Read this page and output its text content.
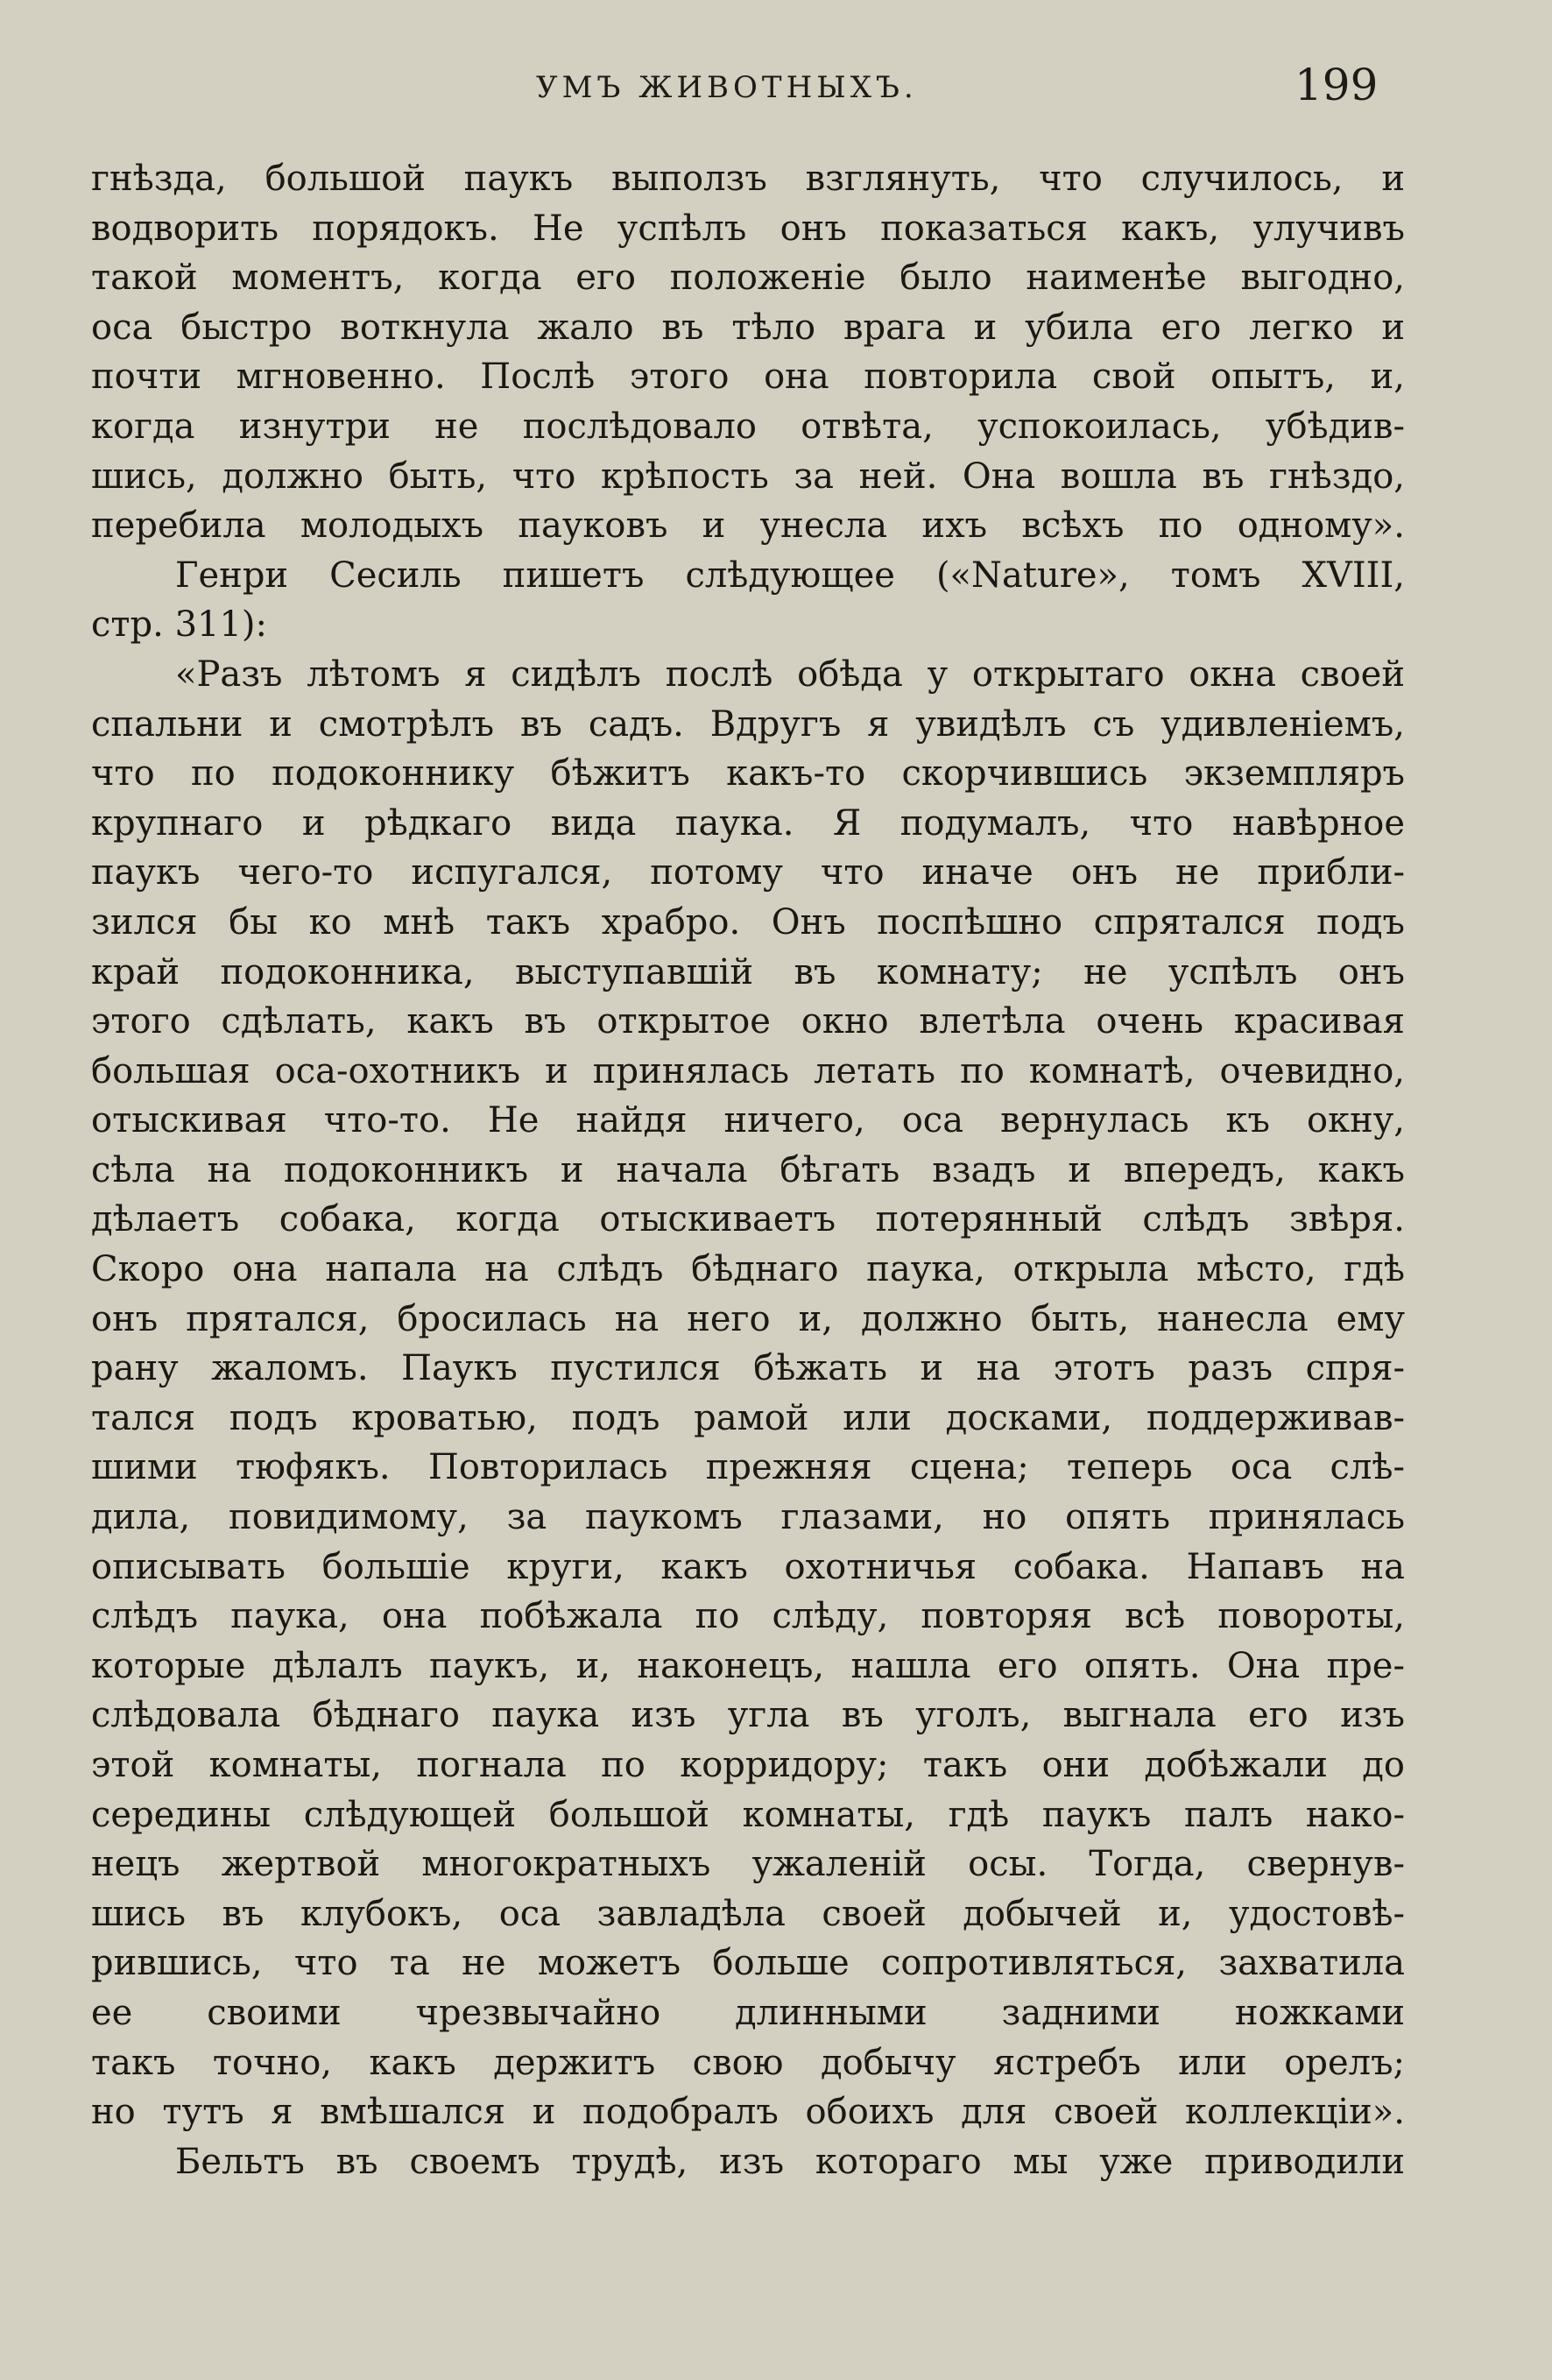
УМЪ ЖИВОТНЫХЪ.	199
гнѣзда, большой паукъ выползъ взглянуть, что случилось, и
водворить порядокъ. Не успѣлъ онъ показаться какъ, улучивъ
такой моментъ, когда его положеніе было наименѣе выгодно,
оса быстро воткнула жало въ тѣло врага и убила его легко и
почти мгновенно. Послѣ этого она повторила свой опытъ, и,
когда изнутри не послѣдовало отвѣта, успокоилась, убѣдив-
шись, должно быть, что крѣпость за ней. Она вошла въ гнѣздо,
перебила молодыхъ пауковъ и унесла ихъ всѣхъ по одному».
Генри Сесиль пишетъ слѣдующее («Nature», томъ XVIII,
стр. 311):
«Разъ лѣтомъ я сидѣлъ послѣ обѣда у открытаго окна своей
спальни и смотрѣлъ въ садъ. Вдругъ я увидѣлъ съ удивленіемъ,
что по подоконнику бѣжитъ какъ-то скорчившись экземпляръ
крупнаго и рѣдкаго вида паука. Я подумалъ, что навѣрное
паукъ чего-то испугался, потому что иначе онъ не прибли-
зился бы ко мнѣ такъ храбро. Онъ поспѣшно спрятался подъ
край подоконника, выступавшій въ комнату; не успѣлъ онъ
этого сдѣлать, какъ въ открытое окно влетѣла очень красивая
большая оса-охотникъ и принялась летать по комнатѣ, очевидно,
отыскивая что-то. Не найдя ничего, оса вернулась къ окну,
сѣла на подоконникъ и начала бѣгать взадъ и впередъ, какъ
дѣлаетъ собака, когда отыскиваетъ потерянный слѣдъ звѣря.
Скоро она напала на слѣдъ бѣднаго паука, открыла мѣсто, гдѣ
онъ прятался, бросилась на него и, должно быть, нанесла ему
рану жаломъ. Паукъ пустился бѣжать и на этотъ разъ спря-
тался подъ кроватью, подъ рамой или досками, поддерживав-
шими тюфякъ. Повторилась прежняя сцена; теперь оса слѣ-
дила, повидимому, за паукомъ глазами, но опять принялась
описывать большіе круги, какъ охотничья собака. Напавъ на
слѣдъ паука, она побѣжала по слѣду, повторяя всѣ повороты,
которые дѣлалъ паукъ, и, наконецъ, нашла его опять. Она пре-
слѣдовала бѣднаго паука изъ угла въ уголъ, выгнала его изъ
этой комнаты, погнала по корридору; такъ они добѣжали до
середины слѣдующей большой комнаты, гдѣ паукъ палъ нако-
нецъ жертвой многократныхъ ужаленій осы. Тогда, свернув-
шись въ клубокъ, оса завладѣла своей добычей и, удостовѣ-
рившись, что та не можетъ больше сопротивляться, захватила
ее своими чрезвычайно длинными задними ножками
такъ точно, какъ держитъ свою добычу ястребъ или орелъ;
но тутъ я вмѣшался и подобралъ обоихъ для своей коллекціи».
Бельтъ въ своемъ трудѣ, изъ котораго мы уже приводили
